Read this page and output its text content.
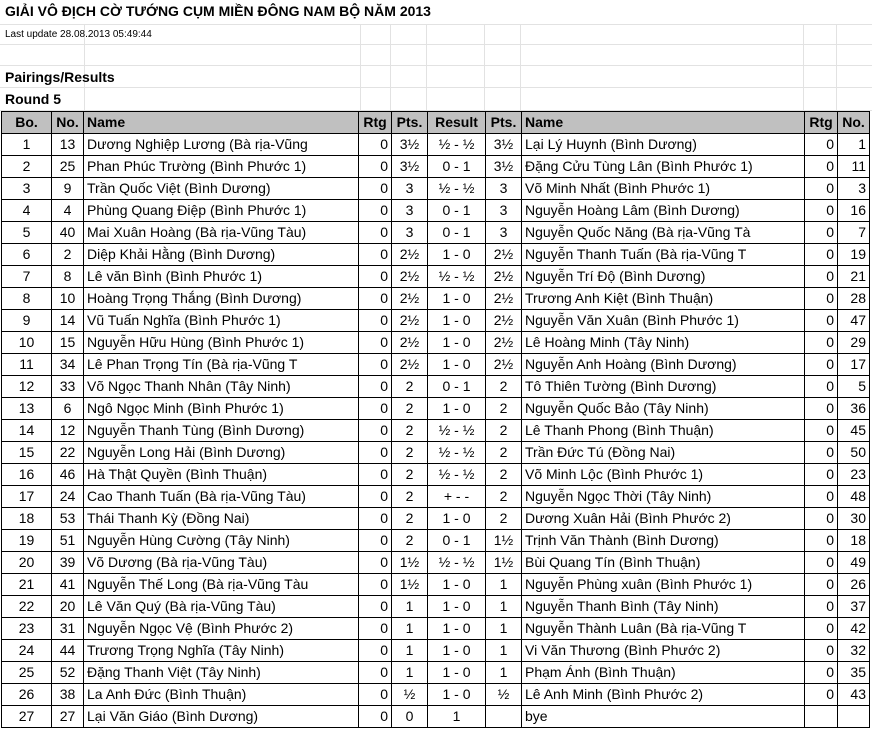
GIẢI VÔ ĐỊCH CỜ TƯỚNG CỤM MIỀN ĐÔNG NAM BỘ NĂM 2013
Last update 28.08.2013 05:49:44
Pairings/Results
Round 5
Bo.	No.	Name	Rtg	Pts.	Result	Pts.	Name	Rtg	No.
1	13	Dương Nghiệp Lương (Bà rịa-Vũng	0	3½	½ - ½	3½	Lại Lý Huynh (Bình Dương)	0	1
2	25	Phan Phúc Trường (Bình Phước 1)	0	3½	0 - 1	3½	Đặng Cửu Tùng Lân (Bình Phước 1)	0	11
3	9	Trần Quốc Việt (Bình Dương)	0	3	½ - ½	3	Võ Minh Nhất (Bình Phước 1)	0	3
4	4	Phùng Quang Điệp (Bình Phước 1)	0	3	0 - 1	3	Nguyễn Hoàng Lâm (Bình Dương)	0	16
5	40	Mai Xuân Hoàng (Bà rịa-Vũng Tàu)	0	3	0 - 1	3	Nguyễn Quốc Năng (Bà rịa-Vũng Tà	0	7
6	2	Diệp Khải Hằng (Bình Dương)	0	2½	1 - 0	2½	Nguyễn Thanh Tuấn (Bà rịa-Vũng T	0	19
7	8	Lê văn Bình (Bình Phước 1)	0	2½	½ - ½	2½	Nguyễn Trí Độ (Bình Dương)	0	21
8	10	Hoàng Trọng Thắng (Bình Dương)	0	2½	1 - 0	2½	Trương Anh Kiệt (Bình Thuận)	0	28
9	14	Vũ Tuấn Nghĩa (Bình Phước 1)	0	2½	1 - 0	2½	Nguyễn Văn Xuân (Bình Phước 1)	0	47
10	15	Nguyễn Hữu Hùng (Bình Phước 1)	0	2½	1 - 0	2½	Lê Hoàng Minh (Tây Ninh)	0	29
11	34	Lê Phan Trọng Tín (Bà rịa-Vũng T	0	2½	1 - 0	2½	Nguyễn Anh Hoàng (Bình Dương)	0	17
12	33	Võ Ngọc Thanh Nhân (Tây Ninh)	0	2	0 - 1	2	Tô Thiên Tường (Bình Dương)	0	5
13	6	Ngô Ngọc Minh (Bình Phước 1)	0	2	1 - 0	2	Nguyễn Quốc Bảo (Tây Ninh)	0	36
14	12	Nguyễn Thanh Tùng (Bình Dương)	0	2	½ - ½	2	Lê Thanh Phong (Bình Thuận)	0	45
15	22	Nguyễn Long Hải (Bình Dương)	0	2	½ - ½	2	Trần Đức Tú (Đồng Nai)	0	50
16	46	Hà Thật Quyền (Bình Thuận)	0	2	½ - ½	2	Võ Minh Lộc (Bình Phước 1)	0	23
17	24	Cao Thanh Tuấn (Bà rịa-Vũng Tàu)	0	2	+ - -	2	Nguyễn Ngọc Thời (Tây Ninh)	0	48
18	53	Thái Thanh Kỳ (Đồng Nai)	0	2	1 - 0	2	Dương Xuân Hải (Bình Phước 2)	0	30
19	51	Nguyễn Hùng Cường (Tây Ninh)	0	2	0 - 1	1½	Trịnh Văn Thành (Bình Dương)	0	18
20	39	Võ Dương (Bà rịa-Vũng Tàu)	0	1½	½ - ½	1½	Bùi Quang Tín (Bình Thuận)	0	49
21	41	Nguyễn Thế Long (Bà rịa-Vũng Tàu	0	1½	1 - 0	1	Nguyễn Phùng xuân (Bình Phước 1)	0	26
22	20	Lê Văn Quý (Bà rịa-Vũng Tàu)	0	1	1 - 0	1	Nguyễn Thanh Bình (Tây Ninh)	0	37
23	31	Nguyễn Ngọc Vệ (Bình Phước 2)	0	1	1 - 0	1	Nguyễn Thành Luân (Bà rịa-Vũng T	0	42
24	44	Trương Trọng Nghĩa (Tây Ninh)	0	1	1 - 0	1	Vi Văn Thương (Bình Phước 2)	0	32
25	52	Đặng Thanh Việt (Tây Ninh)	0	1	1 - 0	1	Phạm Ánh (Bình Thuận)	0	35
26	38	La Anh Đức (Bình Thuận)	0	½	1 - 0	½	Lê Anh Minh (Bình Phước 2)	0	43
27	27	Lại Văn Giáo (Bình Dương)	0	0	1		bye		
